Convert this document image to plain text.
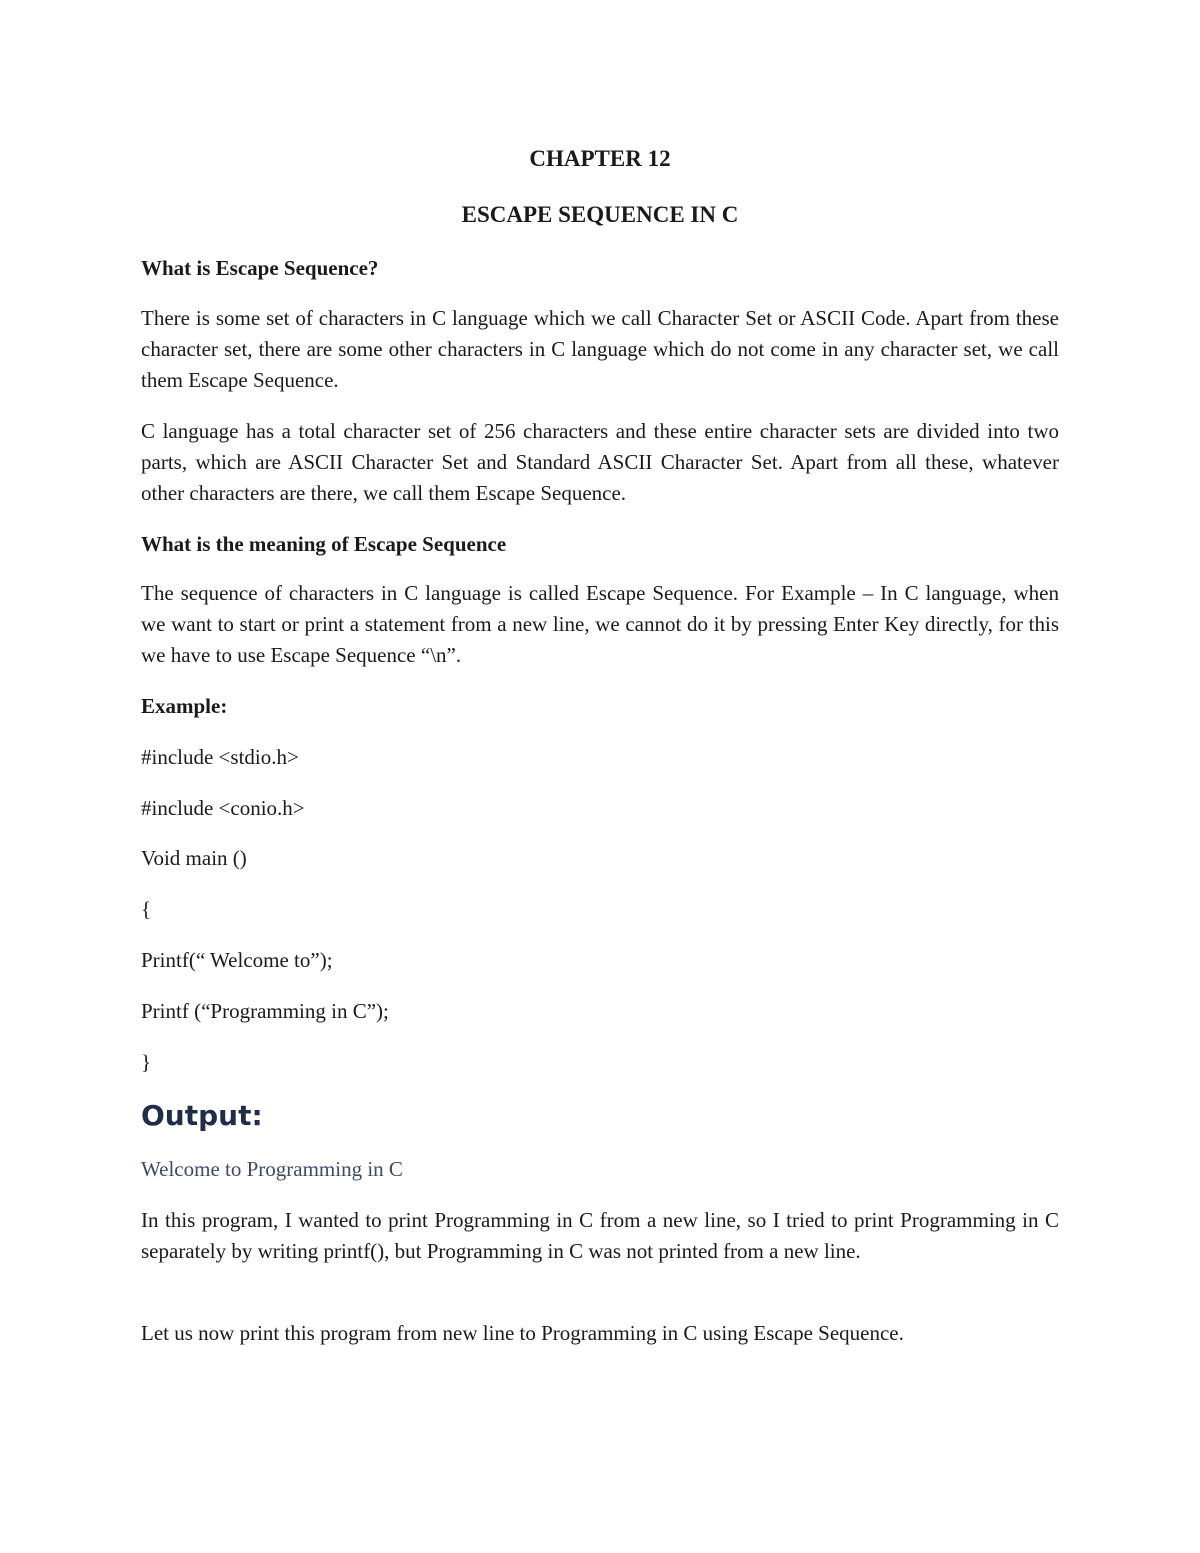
CHAPTER 12
ESCAPE SEQUENCE IN C

What is Escape Sequence?

There is some set of characters in C language which we call Character Set or ASCII Code. Apart from these character set, there are some other characters in C language which do not come in any character set, we call them Escape Sequence.

C language has a total character set of 256 characters and these entire character sets are divided into two parts, which are ASCII Character Set and Standard ASCII Character Set. Apart from all these, whatever other characters are there, we call them Escape Sequence.

What is the meaning of Escape Sequence

The sequence of characters in C language is called Escape Sequence. For Example – In C language, when we want to start or print a statement from a new line, we cannot do it by pressing Enter Key directly, for this we have to use Escape Sequence “\n”.

Example:

#include <stdio.h>

#include <conio.h>

Void main ()

{

Printf(“ Welcome to”);

Printf (“Programming in C”);

}

Output:

Welcome to Programming in C

In this program, I wanted to print Programming in C from a new line, so I tried to print Programming in C separately by writing printf(), but Programming in C was not printed from a new line.

Let us now print this program from new line to Programming in C using Escape Sequence.
